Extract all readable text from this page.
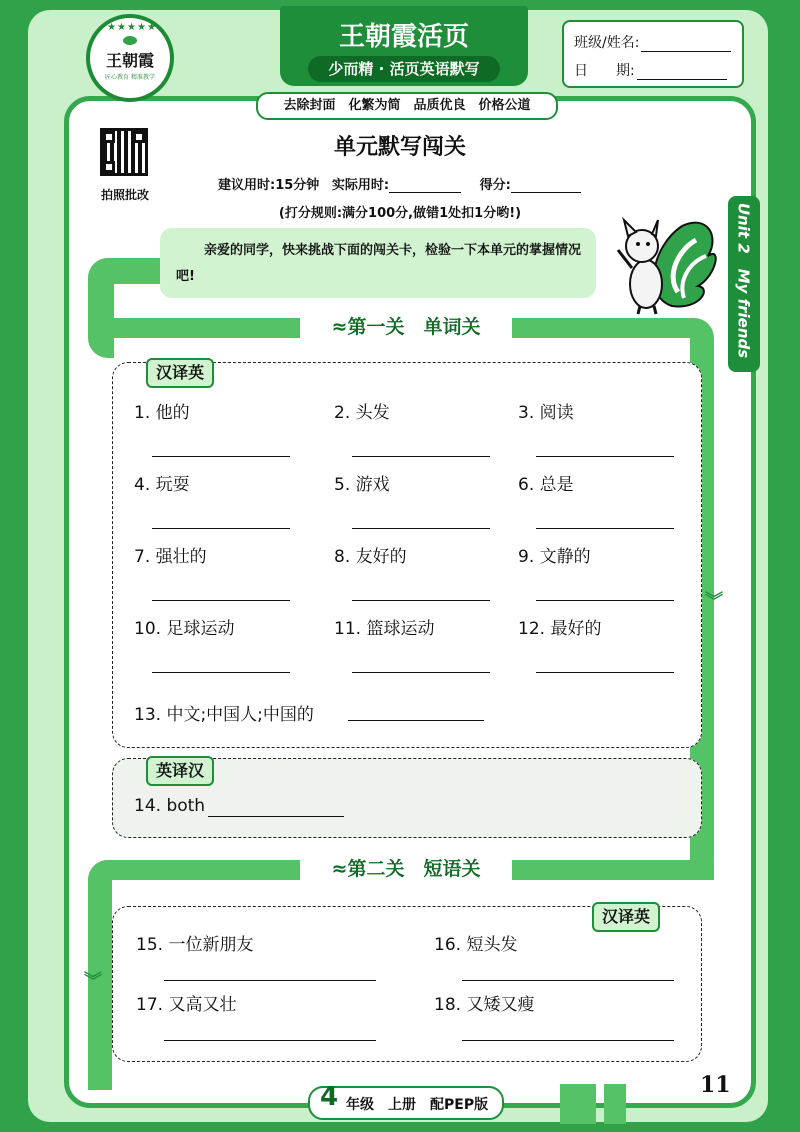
︾
︾
★★★★★
王朝霞
匠心教育 精准教学
王朝霞活页
少而精 · 活页英语默写
去除封面　化繁为简　品质优良　价格公道
班级/姓名:
日　　期:
拍照批改
单元默写闯关
建议用时:15分钟 实际用时:	得分:
(打分规则:满分100分,做错1处扣1分哟!)
亲爱的同学，快来挑战下面的闯关卡，检验一下本单元的掌握情况吧!	Unit 2　My friends
≈第一关　单词关
汉译英
1. 他的	2. 头发	3. 阅读
4. 玩耍	5. 游戏	6. 总是
7. 强壮的	8. 友好的	9. 文静的
10. 足球运动	11. 篮球运动	12. 最好的
13. 中文;中国人;中国的
英译汉
14. both
≈第二关　短语关
汉译英
15. 一位新朋友	16. 短头发
17. 又高又壮	18. 又矮又瘦
4 年级　上册　配PEP版
11
